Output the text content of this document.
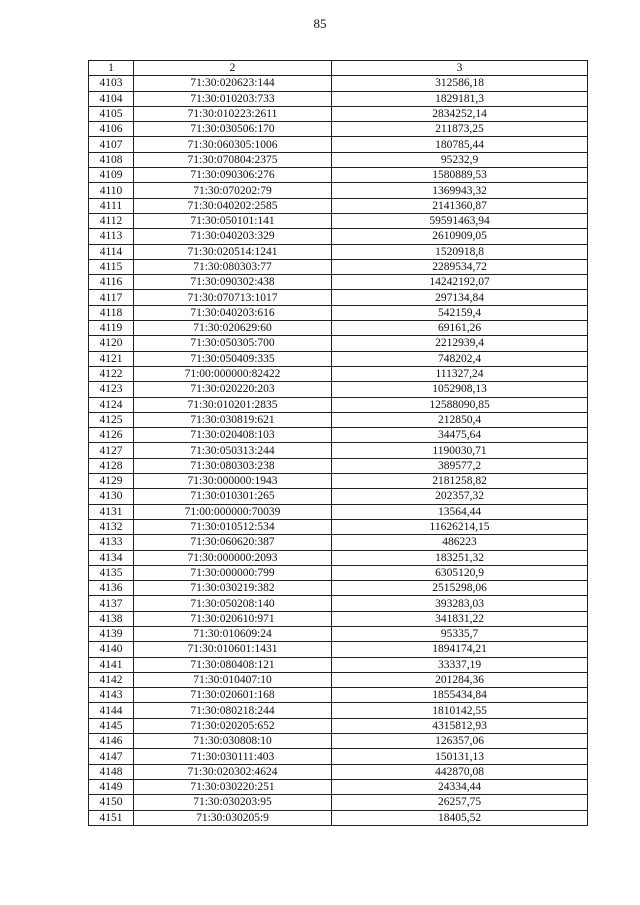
85
1	2	3
4103	71:30:020623:144	312586,18
4104	71:30:010203:733	1829181,3
4105	71:30:010223:2611	2834252,14
4106	71:30:030506:170	211873,25
4107	71:30:060305:1006	180785,44
4108	71:30:070804:2375	95232,9
4109	71:30:090306:276	1580889,53
4110	71:30:070202:79	1369943,32
4111	71:30:040202:2585	2141360,87
4112	71:30:050101:141	59591463,94
4113	71:30:040203:329	2610909,05
4114	71:30:020514:1241	1520918,8
4115	71:30:080303:77	2289534,72
4116	71:30:090302:438	14242192,07
4117	71:30:070713:1017	297134,84
4118	71:30:040203:616	542159,4
4119	71:30:020629:60	69161,26
4120	71:30:050305:700	2212939,4
4121	71:30:050409:335	748202,4
4122	71:00:000000:82422	111327,24
4123	71:30:020220:203	1052908,13
4124	71:30:010201:2835	12588090,85
4125	71:30:030819:621	212850,4
4126	71:30:020408:103	34475,64
4127	71:30:050313:244	1190030,71
4128	71:30:080303:238	389577,2
4129	71:30:000000:1943	2181258,82
4130	71:30:010301:265	202357,32
4131	71:00:000000:70039	13564,44
4132	71:30:010512:534	11626214,15
4133	71:30:060620:387	486223
4134	71:30:000000:2093	183251,32
4135	71:30:000000:799	6305120,9
4136	71:30:030219:382	2515298,06
4137	71:30:050208:140	393283,03
4138	71:30:020610:971	341831,22
4139	71:30:010609:24	95335,7
4140	71:30:010601:1431	1894174,21
4141	71:30:080408:121	33337,19
4142	71:30:010407:10	201284,36
4143	71:30:020601:168	1855434,84
4144	71:30:080218:244	1810142,55
4145	71:30:020205:652	4315812,93
4146	71:30:030808:10	126357,06
4147	71:30:030111:403	150131,13
4148	71:30:020302:4624	442870,08
4149	71:30:030220:251	24334,44
4150	71:30:030203:95	26257,75
4151	71:30:030205:9	18405,52
